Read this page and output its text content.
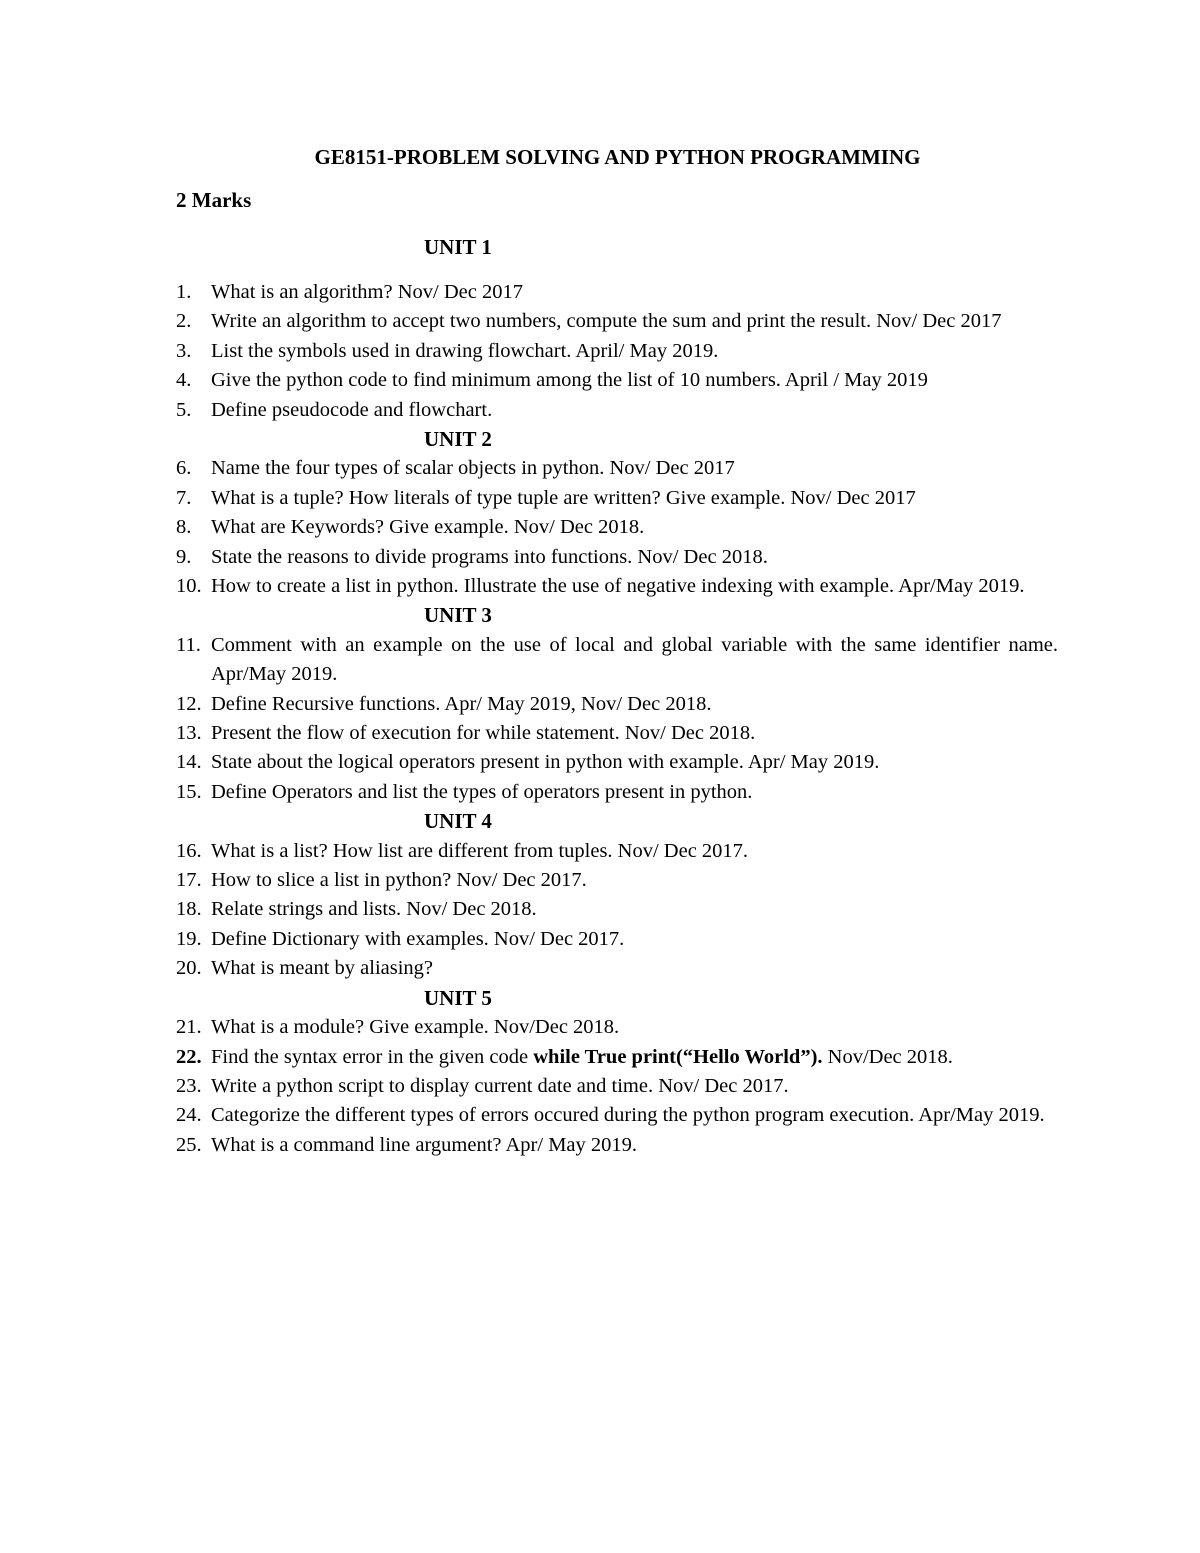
GE8151-PROBLEM SOLVING AND PYTHON PROGRAMMING
2 Marks
UNIT 1
1. What is an algorithm? Nov/ Dec 2017
2. Write an algorithm to accept two numbers, compute the sum and print the result. Nov/ Dec 2017
3. List the symbols used in drawing flowchart. April/ May 2019.
4. Give the python code to find minimum among the list of 10 numbers. April / May 2019
5. Define pseudocode and flowchart.
UNIT 2
6. Name the four types of scalar objects in python. Nov/ Dec 2017
7. What is a tuple? How literals of type tuple are written? Give example. Nov/ Dec 2017
8. What are Keywords? Give example. Nov/ Dec 2018.
9. State the reasons to divide programs into functions. Nov/ Dec 2018.
10. How to create a list in python. Illustrate the use of negative indexing with example. Apr/May 2019.
UNIT 3
11. Comment with an example on the use of local and global variable with the same identifier name. Apr/May 2019.
12. Define Recursive functions. Apr/ May 2019, Nov/ Dec 2018.
13. Present the flow of execution for while statement. Nov/ Dec 2018.
14. State about the logical operators present in python with example. Apr/ May 2019.
15. Define Operators and list the types of operators present in python.
UNIT 4
16. What is a list? How list are different from tuples. Nov/ Dec 2017.
17. How to slice a list in python? Nov/ Dec 2017.
18. Relate strings and lists. Nov/ Dec 2018.
19. Define Dictionary with examples. Nov/ Dec 2017.
20. What is meant by aliasing?
UNIT 5
21. What is a module? Give example. Nov/Dec 2018.
22. Find the syntax error in the given code while True print(“Hello World”). Nov/Dec 2018.
23. Write a python script to display current date and time. Nov/ Dec 2017.
24. Categorize the different types of errors occured during the python program execution. Apr/May 2019.
25. What is a command line argument? Apr/ May 2019.
